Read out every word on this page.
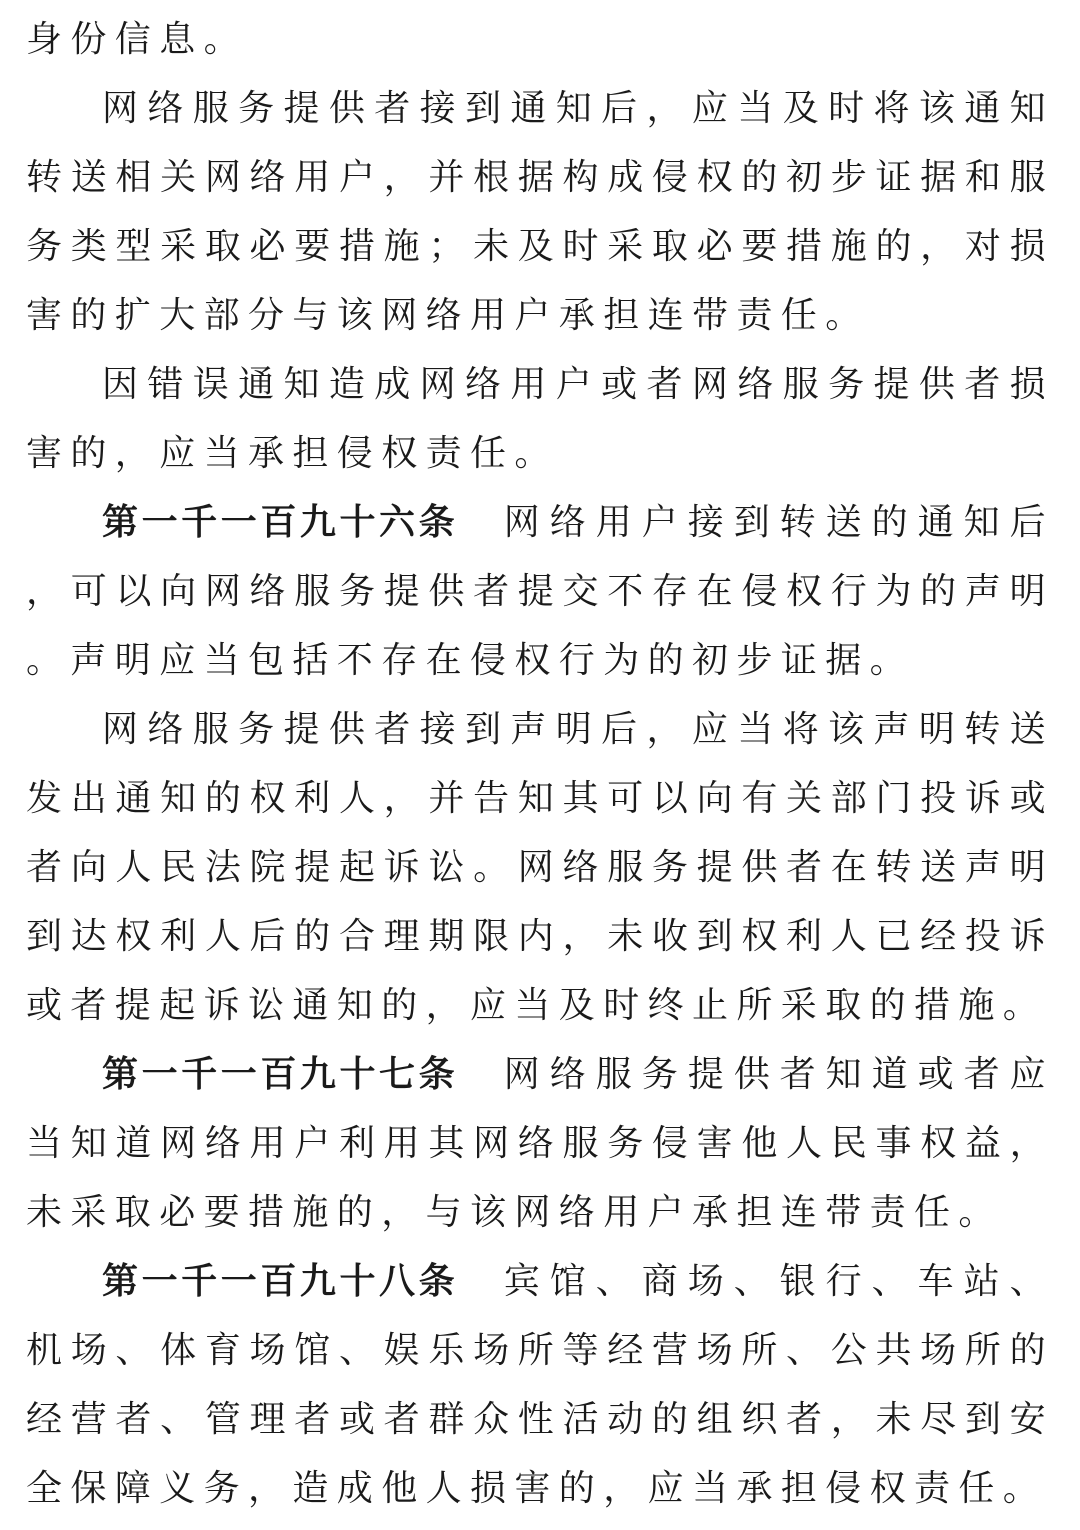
身份信息。

网络服务提供者接到通知后，应当及时将该通知转送相关网络用户，并根据构成侵权的初步证据和服务类型采取必要措施；未及时采取必要措施的，对损害的扩大部分与该网络用户承担连带责任。

因错误通知造成网络用户或者网络服务提供者损害的，应当承担侵权责任。

第一千一百九十六条 网络用户接到转送的通知后，可以向网络服务提供者提交不存在侵权行为的声明。声明应当包括不存在侵权行为的初步证据。

网络服务提供者接到声明后，应当将该声明转送发出通知的权利人，并告知其可以向有关部门投诉或者向人民法院提起诉讼。网络服务提供者在转送声明到达权利人后的合理期限内，未收到权利人已经投诉或者提起诉讼通知的，应当及时终止所采取的措施。

第一千一百九十七条 网络服务提供者知道或者应当知道网络用户利用其网络服务侵害他人民事权益，未采取必要措施的，与该网络用户承担连带责任。

第一千一百九十八条 宾馆、商场、银行、车站、机场、体育场馆、娱乐场所等经营场所、公共场所的经营者、管理者或者群众性活动的组织者，未尽到安全保障义务，造成他人损害的，应当承担侵权责任。
